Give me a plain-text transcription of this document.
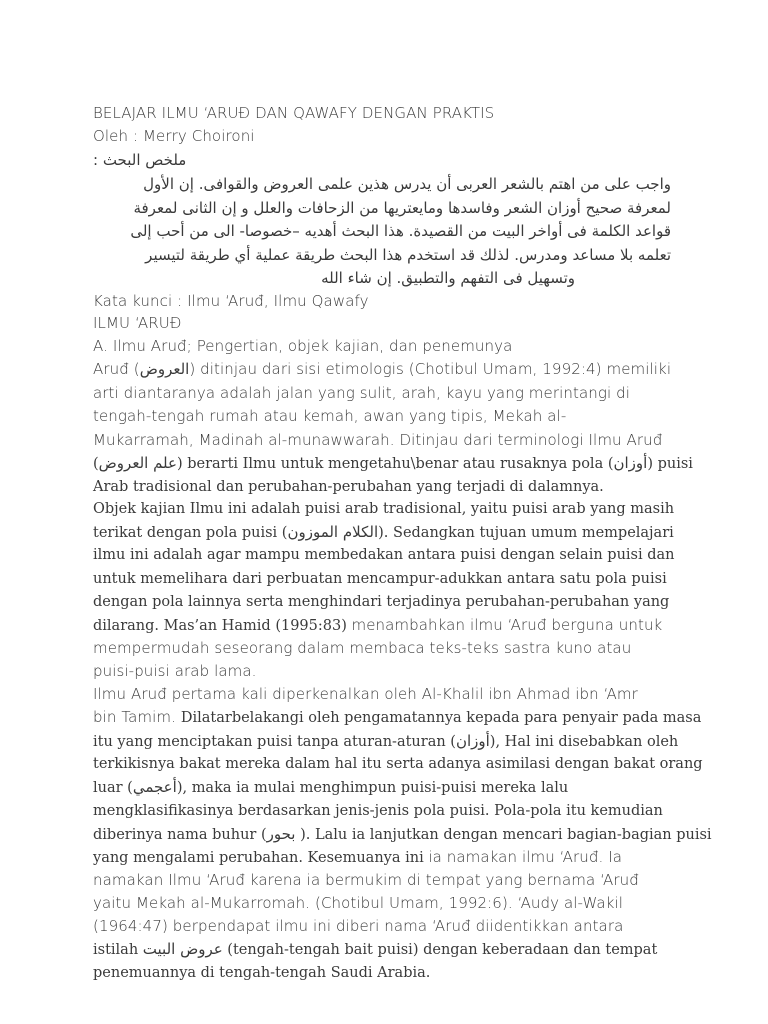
BELAJAR ILMU ‘ARUĐ DAN QAWAFY DENGAN PRAKTIS
Oleh : Merry Choironi
ملخص البحث :
واجب على من اهتم بالشعر العربى أن يدرس هذين علمى العروض والقوافى. إن الأول
لمعرفة صحيح أوزان الشعر وفاسدها ومايعتريها من الزحافات والعلل و إن الثانى لمعرفة
قواعد الكلمة فى أواخر البيت من القصيدة. هذا البحث أهديه –خصوصا- الى من أحب إلى
تعلمه بلا مساعد ومدرس. لذلك قد استخدم هذا البحث طريقة عملية أي طريقة لتيسير
وتسهيل فى التفهم والتطبيق. إن شاء الله
Kata kunci : Ilmu ‘Aruđ, Ilmu Qawafy
ILMU ‘ARUĐ
A. Ilmu Aruđ; Pengertian, objek kajian, dan penemunya
Aruđ (العروض) ditinjau dari sisi etimologis (Chotibul Umam, 1992:4) memiliki
arti diantaranya adalah jalan yang sulit, arah, kayu yang merintangi di
tengah-tengah rumah atau kemah, awan yang tipis, Mekah al-
Mukarramah, Madinah al-munawwarah. Ditinjau dari terminologi Ilmu Aruđ
(علم العروض) berarti Ilmu untuk mengetahu\benar atau rusaknya pola (أوزان) puisi
Arab tradisional dan perubahan-perubahan yang terjadi di dalamnya.
Objek kajian Ilmu ini adalah puisi arab tradisional, yaitu puisi arab yang masih
terikat dengan pola puisi (الكلام الموزون). Sedangkan tujuan umum mempelajari
ilmu ini adalah agar mampu membedakan antara puisi dengan selain puisi dan
untuk memelihara dari perbuatan mencampur-adukkan antara satu pola puisi
dengan pola lainnya serta menghindari terjadinya perubahan-perubahan yang
dilarang. Mas’an Hamid (1995:83) menambahkan ilmu ‘Aruđ berguna untuk
mempermudah seseorang dalam membaca teks-teks sastra kuno atau
puisi-puisi arab lama.
Ilmu Aruđ pertama kali diperkenalkan oleh Al-Khalil ibn Ahmad ibn ‘Amr
bin Tamim. Dilatarbelakangi oleh pengamatannya kepada para penyair pada masa
itu yang menciptakan puisi tanpa aturan-aturan (أوزان), Hal ini disebabkan oleh
terkikisnya bakat mereka dalam hal itu serta adanya asimilasi dengan bakat orang
luar (أعجمي), maka ia mulai menghimpun puisi-puisi mereka lalu
mengklasifikasinya berdasarkan jenis-jenis pola puisi. Pola-pola itu kemudian
diberinya nama buhur (بحور ). Lalu ia lanjutkan dengan mencari bagian-bagian puisi
yang mengalami perubahan. Kesemuanya ini ia namakan ilmu ‘Aruđ. Ia
namakan Ilmu ‘Aruđ karena ia bermukim di tempat yang bernama ‘Aruđ
yaitu Mekah al-Mukarromah. (Chotibul Umam, 1992:6). ‘Audy al-Wakil
(1964:47) berpendapat ilmu ini diberi nama ‘Aruđ diidentikkan antara
istilah عروض البيت (tengah-tengah bait puisi) dengan keberadaan dan tempat
penemuannya di tengah-tengah Saudi Arabia.
